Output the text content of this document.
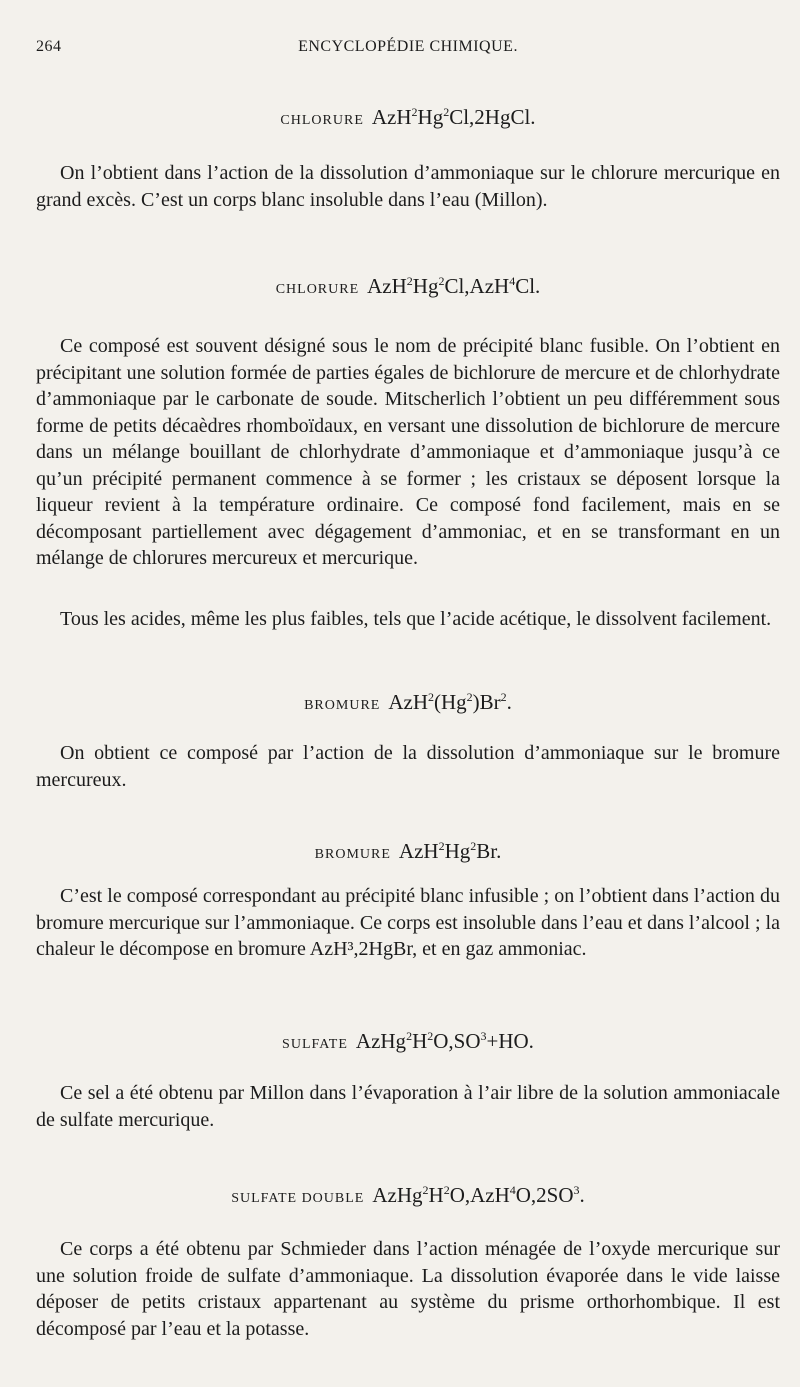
264	ENCYCLOPÉDIE CHIMIQUE.
CHLORURE AzH$^2$Hg$^2$Cl,2HgCl.
On l’obtient dans l’action de la dissolution d’ammoniaque sur le chlorure mercurique en grand excès. C’est un corps blanc insoluble dans l’eau (Millon).
CHLORURE AzH$^2$Hg$^2$Cl,AzH$^4$Cl.
Ce composé est souvent désigné sous le nom de précipité blanc fusible. On l’obtient en précipitant une solution formée de parties égales de bichlorure de mercure et de chlorhydrate d’ammoniaque par le carbonate de soude. Mitscherlich l’obtient un peu différemment sous forme de petits décaèdres rhomboïdaux, en versant une dissolution de bichlorure de mercure dans un mélange bouillant de chlorhydrate d’ammoniaque et d’ammoniaque jusqu’à ce qu’un précipité permanent commence à se former ; les cristaux se déposent lorsque la liqueur revient à la température ordinaire. Ce composé fond facilement, mais en se décomposant partiellement avec dégagement d’ammoniac, et en se transformant en un mélange de chlorures mercureux et mercurique.
Tous les acides, même les plus faibles, tels que l’acide acétique, le dissolvent facilement.
BROMURE AzH$^2$(Hg$^2$)Br$^2$.
On obtient ce composé par l’action de la dissolution d’ammoniaque sur le bromure mercureux.
BROMURE AzH$^2$Hg$^2$Br.
C’est le composé correspondant au précipité blanc infusible ; on l’obtient dans l’action du bromure mercurique sur l’ammoniaque. Ce corps est insoluble dans l’eau et dans l’alcool ; la chaleur le décompose en bromure AzH³,2HgBr, et en gaz ammoniac.
SULFATE $AzHg^2H^2O,SO^3+HO$.
Ce sel a été obtenu par Millon dans l’évaporation à l’air libre de la solution ammoniacale de sulfate mercurique.
SULFATE DOUBLE $AzHg^2H^2O,AzH^4O,2SO^3$.
Ce corps a été obtenu par Schmieder dans l’action ménagée de l’oxyde mercurique sur une solution froide de sulfate d’ammoniaque. La dissolution évaporée dans le vide laisse déposer de petits cristaux appartenant au système du prisme orthorhombique. Il est décomposé par l’eau et la potasse.
